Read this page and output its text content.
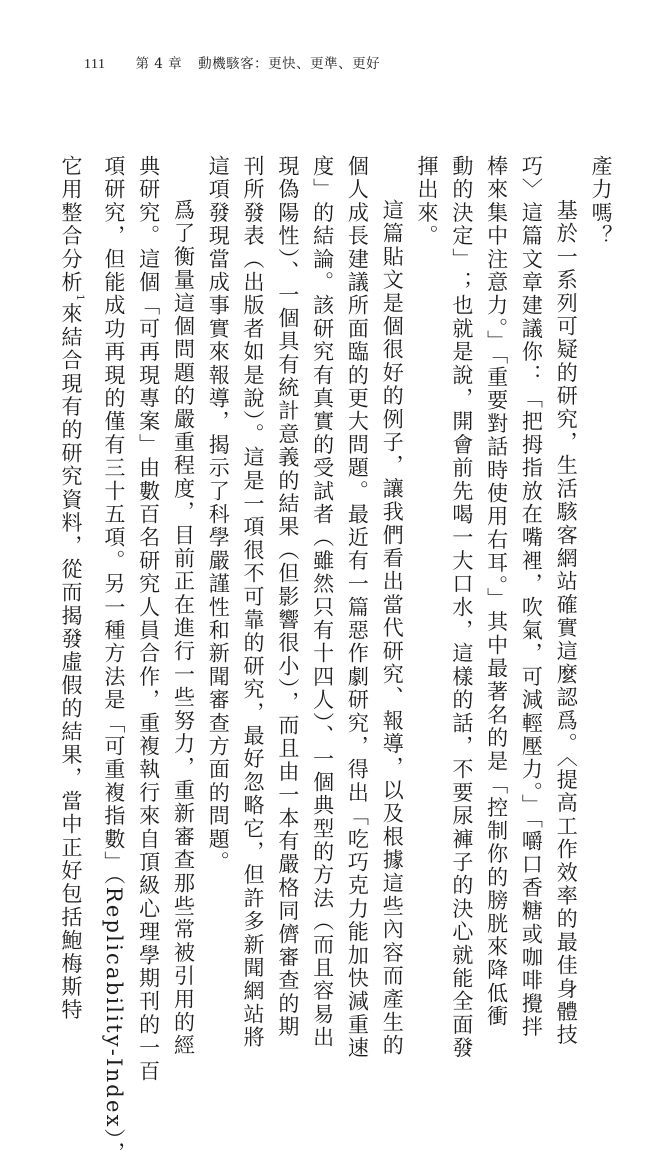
111 第 4 章 動機駭客：更快、更準、更好
產力嗎？
基於一系列可疑的研究，生活駭客網站確實這麼認爲。〈提高工作效率的最佳身體技
巧〉這篇文章建議你：「把拇指放在嘴裡，吹氣，可減輕壓力。」「嚼口香糖或咖啡攪拌
棒來集中注意力。」「重要對話時使用右耳。」其中最著名的是「控制你的膀胱來降低衝
動的決定」；也就是說，開會前先喝一大口水，這樣的話，不要尿褲子的決心就能全面發
揮出來。
這篇貼文是個很好的例子，讓我們看出當代研究、報導，以及根據這些內容而產生的
個人成長建議所面臨的更大問題。最近有一篇惡作劇研究，得出「吃巧克力能加快減重速
度」的結論。該研究有真實的受試者（雖然只有十四人）、一個典型的方法（而且容易出
現偽陽性）、一個具有統計意義的結果（但影響很小），而且由一本有嚴格同儕審查的期
刊所發表（出版者如是說）。這是一項很不可靠的研究，最好忽略它，但許多新聞網站將
這項發現當成事實來報導，揭示了科學嚴謹性和新聞審查方面的問題。
爲了衡量這個問題的嚴重程度，目前正在進行一些努力，重新審查那些常被引用的經
典研究。這個「可再現專案」由數百名研究人員合作，重複執行來自頂級心理學期刊的一百
項研究，但能成功再現的僅有三十五項。另一種方法是「可重複指數」（Replicability-Index），
它用整合分析$^1$來結合現有的研究資料，從而揭發虛假的結果，當中正好包括鮑梅斯特
